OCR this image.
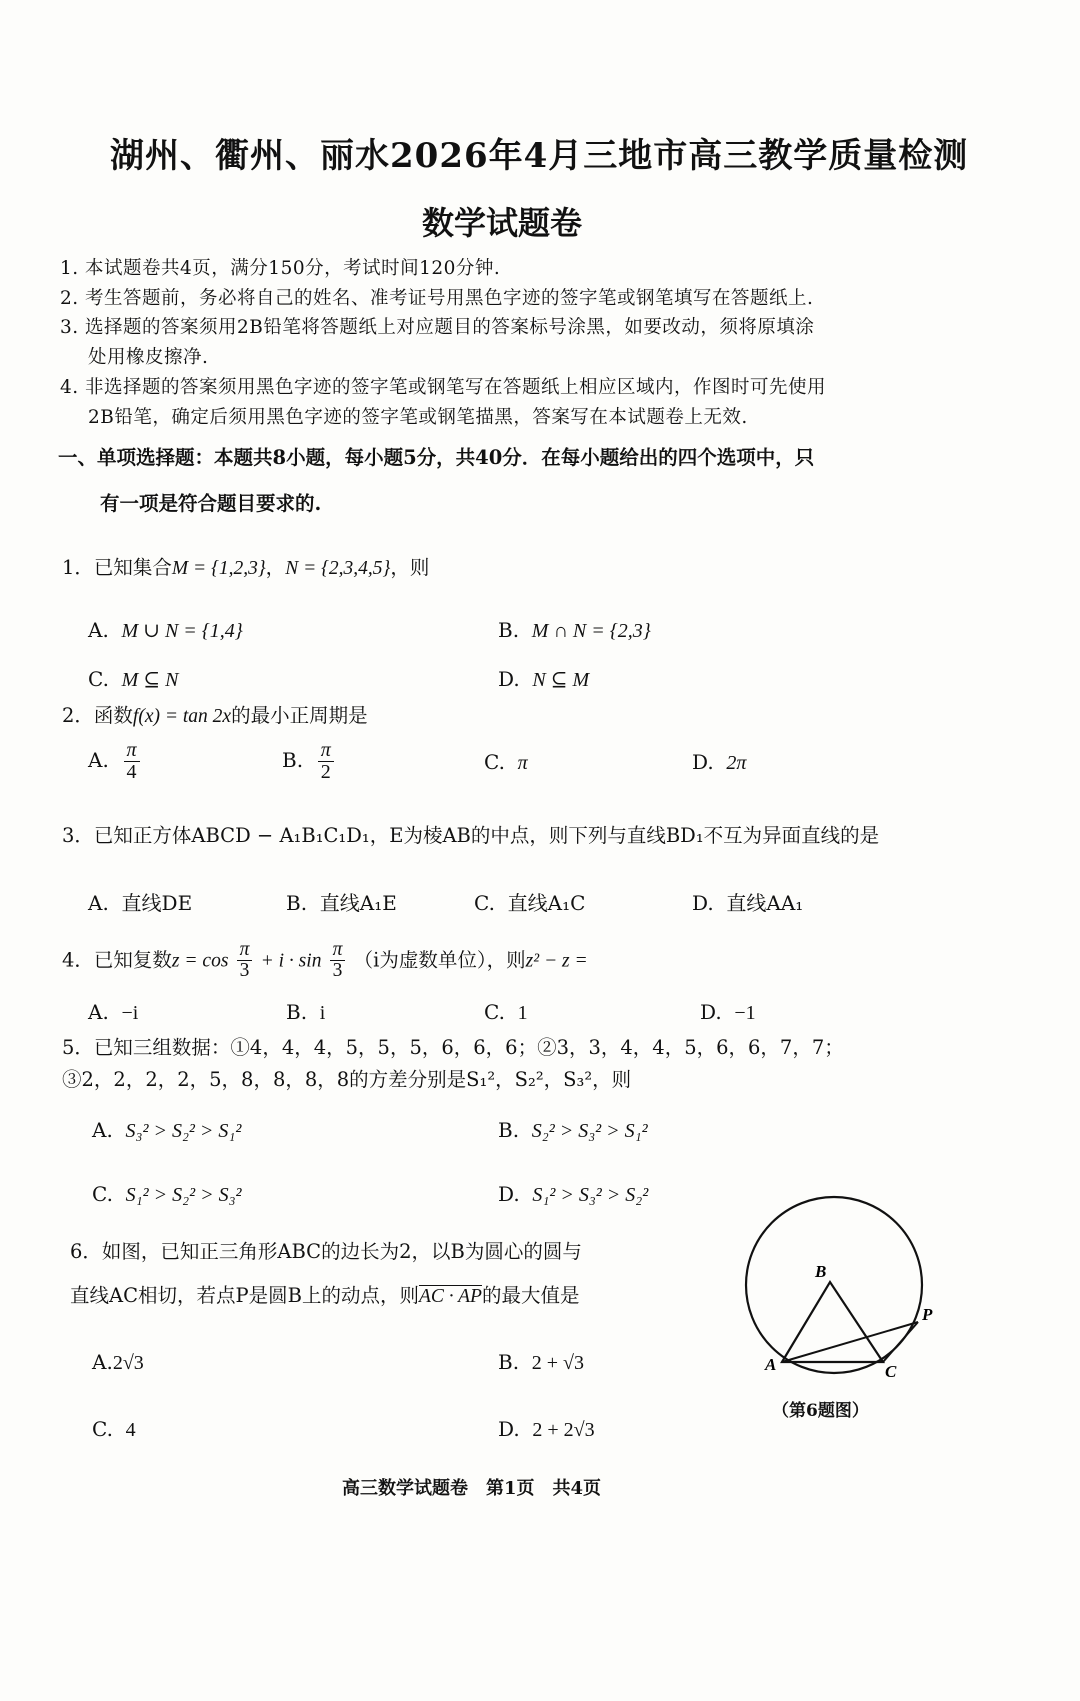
湖州、衢州、丽水2026年4月三地市高三教学质量检测
数学试题卷
1. 本试题卷共4页，满分150分，考试时间120分钟.
2. 考生答题前，务必将自己的姓名、准考证号用黑色字迹的签字笔或钢笔填写在答题纸上.
3. 选择题的答案须用2B铅笔将答题纸上对应题目的答案标号涂黑，如要改动，须将原填涂
处用橡皮擦净.
4. 非选择题的答案须用黑色字迹的签字笔或钢笔写在答题纸上相应区域内，作图时可先使用
2B铅笔，确定后须用黑色字迹的签字笔或钢笔描黑，答案写在本试题卷上无效.
一、单项选择题：本题共8小题，每小题5分，共40分．在每小题给出的四个选项中，只
有一项是符合题目要求的.
1．已知集合M = {1,2,3}，N = {2,3,4,5}，则
A. M ∪ N = {1,4}	B. M ∩ N = {2,3}
C. M ⊆ N	D. N ⊆ M
2．函数f(x) = tan 2x的最小正周期是
A. $\frac{\pi}{4}$	B. $\frac{\pi}{2}$	C. π	D. 2π
3．已知正方体ABCD − A₁B₁C₁D₁，E为棱AB的中点，则下列与直线BD₁不互为异面直线的是
A. 直线DE	B. 直线A₁E	C. 直线A₁C	D. 直线AA₁
4．已知复数$z = \cos \frac{\pi}{3} + i \cdot \sin \frac{\pi}{3} (i$为虚数单位），则z² − z =
A. −i	B. i	C. 1	D. −1
5．已知三组数据：①4，4，4，5，5，5，6，6，6；②3，3，4，4，5，6，6，7，7；
③2，2，2，2，5，8，8，8，8的方差分别是S₁²，S₂²，S₃²，则
A. S₃² > S₂² > S₁²	B. S₂² > S₃² > S₁²
C. S₁² > S₂² > S₃²	D. S₁² > S₃² > S₂²
6．如图，已知正三角形ABC的边长为2，以B为圆心的圆与
直线AC相切，若点P是圆B上的动点，则AC · AP的最大值是
A.2√3	B. 2 + √3
C. 4	D. 2 + 2√3
B
A	C
P
（第6题图）
高三数学试题卷　第1页　共4页
